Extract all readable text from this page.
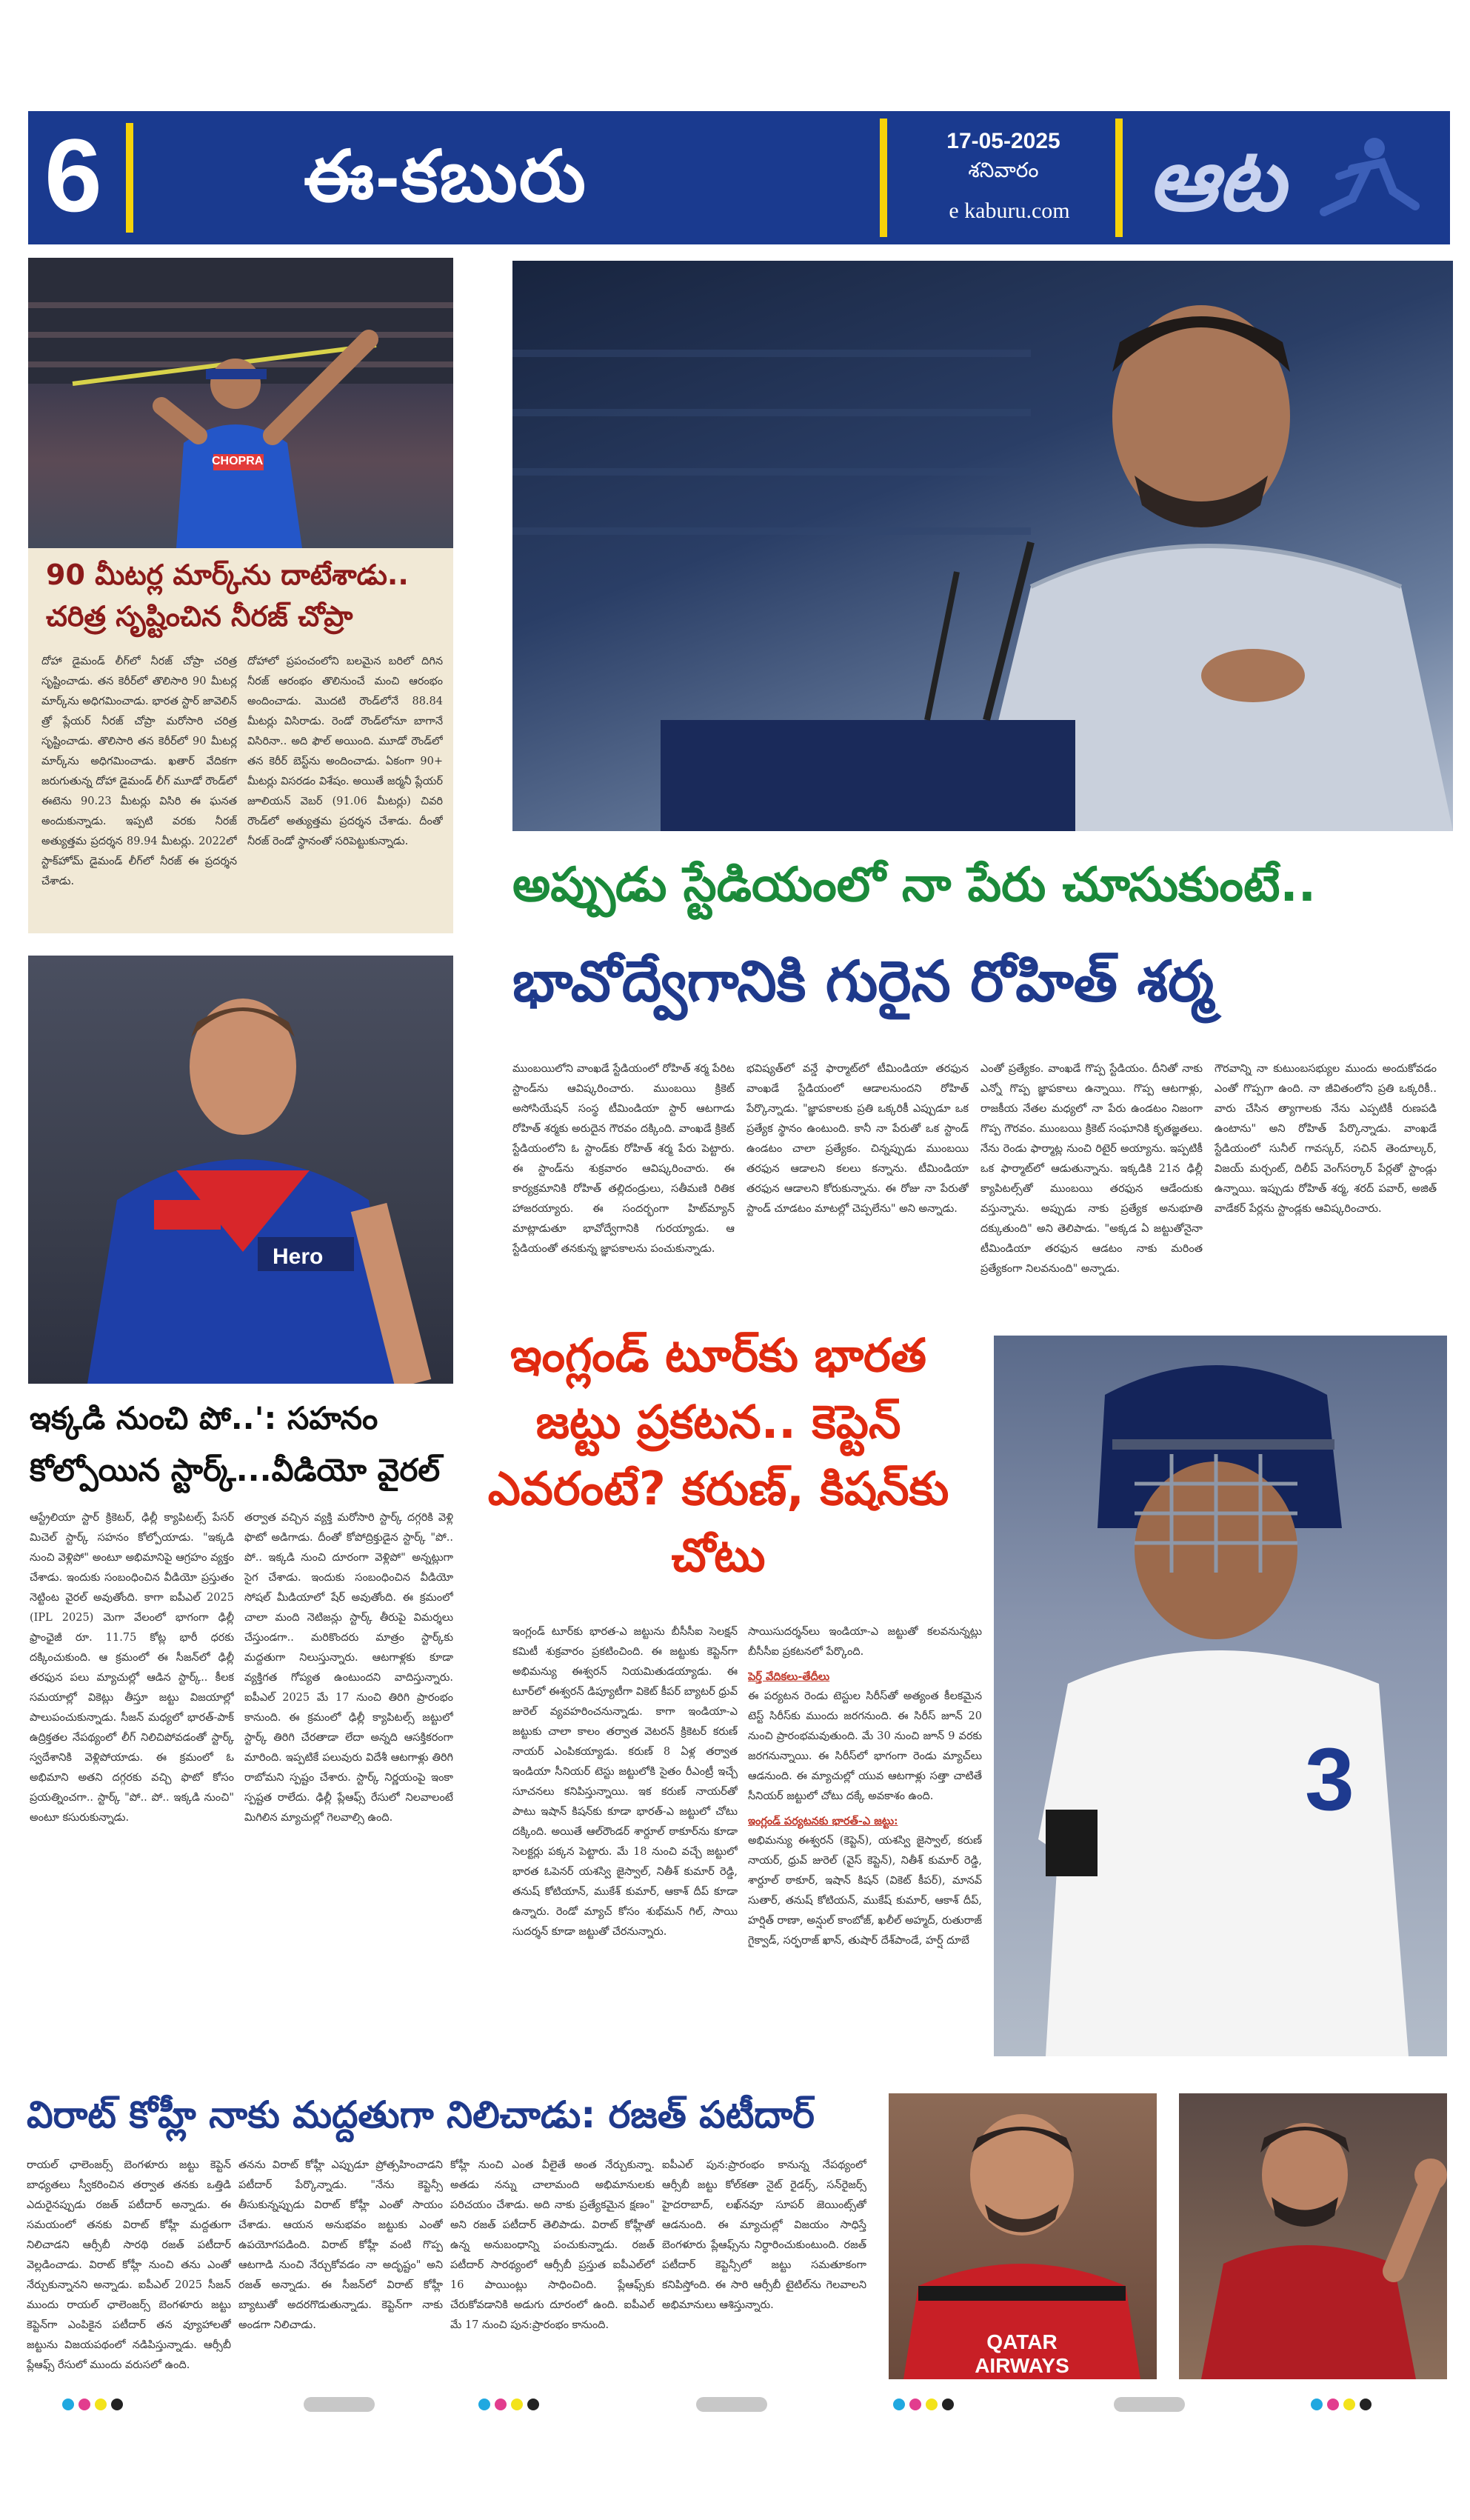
6	ఈ-కబురు	17-05-2025
శనివారం
e kaburu.com ఆట
CHOPRA
90 మీటర్ల మార్క్‌ను దాటేశాడు..
చరిత్ర సృష్టించిన నీరజ్ చోప్రా
దోహా డైమండ్ లీగ్‌లో నీరజ్ చోప్రా చరిత్ర సృష్టించాడు. తన కెరీర్‌లో తొలిసారి 90 మీటర్ల మార్క్‌ను అధిగమించాడు. భారత స్టార్ జావెలిన్ త్రో ప్లేయర్ నీరజ్ చోప్రా మరోసారి చరిత్ర సృష్టించాడు. తొలిసారి తన కెరీర్‌లో 90 మీటర్ల మార్క్‌ను అధిగమించాడు. ఖతార్ వేదికగా జరుగుతున్న దోహా డైమండ్ లీగ్ మూడో రౌండ్‌లో ఈటెను 90.23 మీటర్లు విసిరి ఈ ఘనత అందుకున్నాడు. ఇప్పటి వరకు నీరజ్ అత్యుత్తమ ప్రదర్శన 89.94 మీటర్లు. 2022లో స్టాక్‌హోమ్ డైమండ్ లీగ్‌లో నీరజ్ ఈ ప్రదర్శన చేశాడు.
దోహాలో ప్రపంచంలోని బలమైన బరిలో దిగిన నీరజ్ ఆరంభం తొలినుంచే మంచి ఆరంభం అందించాడు. మొదటి రౌండ్‌లోనే 88.84 మీటర్లు విసిరాడు. రెండో రౌండ్‌లోనూ బాగానే విసిరినా.. అది ఫౌల్ అయింది. మూడో రౌండ్‌లో తన కెరీర్ బెస్ట్‌ను అందించాడు. ఏకంగా 90+ మీటర్లు విసరడం విశేషం. అయితే జర్మనీ ప్లేయర్ జూలియన్ వెబర్ (91.06 మీటర్లు) చివరి రౌండ్‌లో అత్యుత్తమ ప్రదర్శన చేశాడు. దీంతో నీరజ్ రెండో స్థానంతో సరిపెట్టుకున్నాడు.
అప్పుడు స్టేడియంలో నా పేరు చూసుకుంటే..
భావోద్వేగానికి గురైన రోహిత్ శర్మ
ముంబయిలోని వాంఖడే స్టేడియంలో రోహిత్ శర్మ పేరిట స్టాండ్‌ను ఆవిష్కరించారు. ముంబయి క్రికెట్ అసోసియేషన్ సంస్థ టీమిండియా స్టార్ ఆటగాడు రోహిత్ శర్మకు అరుదైన గౌరవం దక్కింది. వాంఖడే క్రికెట్ స్టేడియంలోని ఓ స్టాండ్‌కు రోహిత్ శర్మ పేరు పెట్టారు. ఈ స్టాండ్‌ను శుక్రవారం ఆవిష్కరించారు. ఈ కార్యక్రమానికి రోహిత్ తల్లిదండ్రులు, సతీమణి రితిక హాజరయ్యారు. ఈ సందర్భంగా హిట్‌మ్యాన్ మాట్లాడుతూ భావోద్వేగానికి గురయ్యాడు. ఆ స్టేడియంతో తనకున్న జ్ఞాపకాలను పంచుకున్నాడు.
భవిష్యత్‌లో వన్డే ఫార్మాట్‌లో టీమిండియా తరఫున వాంఖడే స్టేడియంలో ఆడాలనుందని రోహిత్ పేర్కొన్నాడు. "జ్ఞాపకాలకు ప్రతి ఒక్కరికీ ఎప్పుడూ ఒక ప్రత్యేక స్థానం ఉంటుంది. కానీ నా పేరుతో ఒక స్టాండ్ ఉండటం చాలా ప్రత్యేకం. చిన్నప్పుడు ముంబయి తరఫున ఆడాలని కలలు కన్నాను. టీమిండియా తరఫున ఆడాలని కోరుకున్నాను. ఈ రోజు నా పేరుతో స్టాండ్ చూడటం మాటల్లో చెప్పలేను" అని అన్నాడు.
ఎంతో ప్రత్యేకం. వాంఖడే గొప్ప స్టేడియం. దీనితో నాకు ఎన్నో గొప్ప జ్ఞాపకాలు ఉన్నాయి. గొప్ప ఆటగాళ్లు, రాజకీయ నేతల మధ్యలో నా పేరు ఉండటం నిజంగా గొప్ప గౌరవం. ముంబయి క్రికెట్ సంఘానికి కృతజ్ఞతలు. నేను రెండు ఫార్మాట్ల నుంచి రిటైర్ అయ్యాను. ఇప్పటికీ ఒక ఫార్మాట్‌లో ఆడుతున్నాను. ఇక్కడికి 21న ఢిల్లీ క్యాపిటల్స్‌తో ముంబయి తరఫున ఆడేందుకు వస్తున్నాను. అప్పుడు నాకు ప్రత్యేక అనుభూతి దక్కుతుంది" అని తెలిపాడు. "అక్కడ ఏ జట్టుతోనైనా టీమిండియా తరఫున ఆడటం నాకు మరింత ప్రత్యేకంగా నిలవనుంది" అన్నాడు.
గౌరవాన్ని నా కుటుంబసభ్యుల ముందు అందుకోవడం ఎంతో గొప్పగా ఉంది. నా జీవితంలోని ప్రతి ఒక్కరికీ.. వారు చేసిన త్యాగాలకు నేను ఎప్పటికీ రుణపడి ఉంటాను" అని రోహిత్ పేర్కొన్నాడు. వాంఖడే స్టేడియంలో సునీల్ గావస్కర్, సచిన్ తెందూల్కర్, విజయ్ మర్చంట్, దిలీప్ వెంగ్‌సర్కార్ పేర్లతో స్టాండ్లు ఉన్నాయి. ఇప్పుడు రోహిత్ శర్మ, శరద్ పవార్, అజిత్ వాడేకర్ పేర్లను స్టాండ్లకు ఆవిష్కరించారు.
Hero
ఇక్కడి నుంచి పో..': సహనం
కోల్పోయిన స్టార్క్...వీడియో వైరల్
ఆస్ట్రేలియా స్టార్ క్రికెటర్, ఢిల్లీ క్యాపిటల్స్ పేసర్ మిచెల్ స్టార్క్ సహనం కోల్పోయాడు. "ఇక్కడి నుంచి వెళ్లిపో" అంటూ అభిమానిపై ఆగ్రహం వ్యక్తం చేశాడు. ఇందుకు సంబంధించిన వీడియో ప్రస్తుతం నెట్టింట వైరల్ అవుతోంది. కాగా ఐపీఎల్ 2025 (IPL 2025) మెగా వేలంలో భాగంగా ఢిల్లీ ఫ్రాంఛైజీ రూ. 11.75 కోట్ల భారీ ధరకు దక్కించుకుంది. ఆ క్రమంలో ఈ సీజన్‌లో ఢిల్లీ తరఫున పలు మ్యాచుల్లో ఆడిన స్టార్క్.. కీలక సమయాల్లో వికెట్లు తీస్తూ జట్టు విజయాల్లో పాలుపంచుకున్నాడు. సీజన్ మధ్యలో భారత్-పాక్ ఉద్రిక్తతల నేపథ్యంలో లీగ్ నిలిచిపోవడంతో స్టార్క్ స్వదేశానికి వెళ్లిపోయాడు. ఈ క్రమంలో ఓ అభిమాని అతని దగ్గరకు వచ్చి ఫొటో కోసం ప్రయత్నించగా.. స్టార్క్ "పో.. పో.. ఇక్కడి నుంచి" అంటూ కసురుకున్నాడు.
తర్వాత వచ్చిన వ్యక్తి మరోసారి స్టార్క్ దగ్గరికి వెళ్లి ఫొటో అడిగాడు. దీంతో కోపోద్రిక్తుడైన స్టార్క్ "పో.. పో.. ఇక్కడి నుంచి దూరంగా వెళ్లిపో" అన్నట్లుగా సైగ చేశాడు. ఇందుకు సంబంధించిన వీడియో సోషల్ మీడియాలో షేర్ అవుతోంది. ఈ క్రమంలో చాలా మంది నెటిజన్లు స్టార్క్ తీరుపై విమర్శలు చేస్తుండగా.. మరికొందరు మాత్రం స్టార్క్‌కు మద్దతుగా నిలుస్తున్నారు. ఆటగాళ్లకు కూడా వ్యక్తిగత గోప్యత ఉంటుందని వాదిస్తున్నారు. ఐపీఎల్ 2025 మే 17 నుంచి తిరిగి ప్రారంభం కానుంది. ఈ క్రమంలో ఢిల్లీ క్యాపిటల్స్ జట్టులో స్టార్క్ తిరిగి చేరతాడా లేదా అన్నది ఆసక్తికరంగా మారింది. ఇప్పటికే పలువురు విదేశీ ఆటగాళ్లు తిరిగి రాబోమని స్పష్టం చేశారు. స్టార్క్ నిర్ణయంపై ఇంకా స్పష్టత రాలేదు. ఢిల్లీ ప్లేఆఫ్స్ రేసులో నిలవాలంటే మిగిలిన మ్యాచుల్లో గెలవాల్సి ఉంది.
ఇంగ్లండ్ టూర్‌కు భారత జట్టు ప్రకటన.. కెప్టెన్ ఎవరంటే? కరుణ్, కిషన్‌కు చోటు
3
ఇంగ్లండ్ టూర్‌కు భారత-ఎ జట్టును బీసీసీఐ సెలక్షన్ కమిటీ శుక్రవారం ప్రకటించింది. ఈ జట్టుకు కెప్టెన్‌గా అభిమన్యు ఈశ్వరన్ నియమితుడయ్యాడు. ఈ టూర్‌లో ఈశ్వరన్ డిప్యూటీగా వికెట్ కీపర్ బ్యాటర్ ధ్రువ్ జురెల్ వ్యవహరించనున్నాడు. కాగా ఇండియా-ఎ జట్టుకు చాలా కాలం తర్వాత వెటరన్ క్రికెటర్ కరుణ్ నాయర్ ఎంపికయ్యాడు. కరుణ్ 8 ఏళ్ల తర్వాత ఇండియా సీనియర్ టెస్టు జట్టులోకి సైతం రీఎంట్రీ ఇచ్చే సూచనలు కనిపిస్తున్నాయి. ఇక కరుణ్ నాయర్‌తో పాటు ఇషాన్ కిషన్‌కు కూడా భారత్-ఎ జట్టులో చోటు దక్కింది. అయితే ఆల్‌రౌండర్ శార్దూల్ ఠాకూర్‌ను కూడా సెలక్టర్లు పక్కన పెట్టారు. మే 18 నుంచి వచ్చే జట్టులో భారత ఓపెనర్ యశస్వి జైస్వాల్, నితీశ్ కుమార్ రెడ్డి, తనుష్ కోటియాన్, ముకేశ్ కుమార్, ఆకాశ్ దీప్ కూడా ఉన్నారు. రెండో మ్యాచ్ కోసం శుభ్‌మన్ గిల్, సాయి సుదర్శన్ కూడా జట్టుతో చేరనున్నారు.
సాయిసుదర్శన్‌లు ఇండియా-ఎ జట్టుతో కలవనున్నట్లు బీసీసీఐ ప్రకటనలో పేర్కొంది.
పెర్త్ వేదికలు-తేదీలు
ఈ పర్యటన రెండు టెస్టుల సిరీస్‌తో అత్యంత కీలకమైన టెస్ట్ సిరీస్‌కు ముందు జరగనుంది. ఈ సిరీస్ జూన్ 20 నుంచి ప్రారంభమవుతుంది. మే 30 నుంచి జూన్ 9 వరకు జరగనున్నాయి. ఈ సిరీస్‌లో భాగంగా రెండు మ్యాచ్‌లు ఆడనుంది. ఈ మ్యాచుల్లో యువ ఆటగాళ్లు సత్తా చాటితే సీనియర్ జట్టులో చోటు దక్కే అవకాశం ఉంది.
ఇంగ్లండ్ పర్యటనకు భారత్-ఎ జట్టు:
అభిమన్యు ఈశ్వరన్ (కెప్టెన్), యశస్వి జైస్వాల్, కరుణ్ నాయర్, ధ్రువ్ జురెల్ (వైస్ కెప్టెన్), నితీశ్ కుమార్ రెడ్డి, శార్దూల్ ఠాకూర్, ఇషాన్ కిషన్ (వికెట్ కీపర్), మానవ్ సుతార్, తనుష్ కోటియన్, ముకేష్ కుమార్, ఆకాశ్ దీప్, హర్షిత్ రాణా, అన్షుల్ కాంబోజ్, ఖలీల్ అహ్మద్, రుతురాజ్ గైక్వాడ్, సర్ఫరాజ్ ఖాన్, తుషార్ దేశ్‌పాండే, హర్ష్ దూబే
విరాట్ కోహ్లీ నాకు మద్దతుగా నిలిచాడు: రజత్ పటీదార్
రాయల్ ఛాలెంజర్స్ బెంగళూరు జట్టు కెప్టెన్ బాధ్యతలు స్వీకరించిన తర్వాత తనకు ఒత్తిడి ఎదురైనప్పుడు రజత్ పటీదార్ అన్నాడు. ఈ సమయంలో తనకు విరాట్ కోహ్లీ మద్దతుగా నిలిచాడని ఆర్సీబీ సారథి రజత్ పటీదార్ వెల్లడించాడు. విరాట్ కోహ్లీ నుంచి తను ఎంతో నేర్చుకున్నానని అన్నాడు. ఐపీఎల్ 2025 సీజన్ ముందు రాయల్ ఛాలెంజర్స్ బెంగళూరు జట్టు కెప్టెన్‌గా ఎంపికైన పటీదార్ తన వ్యూహాలతో జట్టును విజయపథంలో నడిపిస్తున్నాడు. ఆర్సీబీ ప్లేఆఫ్స్ రేసులో ముందు వరుసలో ఉంది.
తనను విరాట్ కోహ్లీ ఎప్పుడూ ప్రోత్సహించాడని పటీదార్ పేర్కొన్నాడు. "నేను కెప్టెన్సీ తీసుకున్నప్పుడు విరాట్ కోహ్లీ ఎంతో సాయం చేశాడు. ఆయన అనుభవం జట్టుకు ఎంతో ఉపయోగపడింది. విరాట్ కోహ్లీ వంటి గొప్ప ఆటగాడి నుంచి నేర్చుకోవడం నా అదృష్టం" అని రజత్ అన్నాడు. ఈ సీజన్‌లో విరాట్ కోహ్లీ బ్యాటుతో అదరగొడుతున్నాడు. కెప్టెన్‌గా నాకు అండగా నిలిచాడు.
కోహ్లీ నుంచి ఎంత వీలైతే అంత నేర్చుకున్నా. అతడు నన్ను చాలామంది అభిమానులకు పరిచయం చేశాడు. అది నాకు ప్రత్యేకమైన క్షణం" అని రజత్ పటీదార్ తెలిపాడు. విరాట్ కోహ్లీతో ఉన్న అనుబంధాన్ని పంచుకున్నాడు. రజత్ పటీదార్ సారథ్యంలో ఆర్సీబీ ప్రస్తుత ఐపీఎల్‌లో 16 పాయింట్లు సాధించింది. ప్లేఆఫ్స్‌కు చేరుకోవడానికి అడుగు దూరంలో ఉంది. ఐపీఎల్ మే 17 నుంచి పున:ప్రారంభం కానుంది.
ఐపీఎల్ పున:ప్రారంభం కానున్న నేపథ్యంలో ఆర్సీబీ జట్టు కోల్‌కతా నైట్ రైడర్స్, సన్‌రైజర్స్ హైదరాబాద్, లఖ్‌నవూ సూపర్ జెయింట్స్‌తో ఆడనుంది. ఈ మ్యాచుల్లో విజయం సాధిస్తే బెంగళూరు ప్లేఆఫ్స్‌ను నిర్ధారించుకుంటుంది. రజత్ పటీదార్ కెప్టెన్సీలో జట్టు సమతూకంగా కనిపిస్తోంది. ఈ సారి ఆర్సీబీ టైటిల్‌ను గెలవాలని అభిమానులు ఆశిస్తున్నారు.
QATAR AIRWAYS
